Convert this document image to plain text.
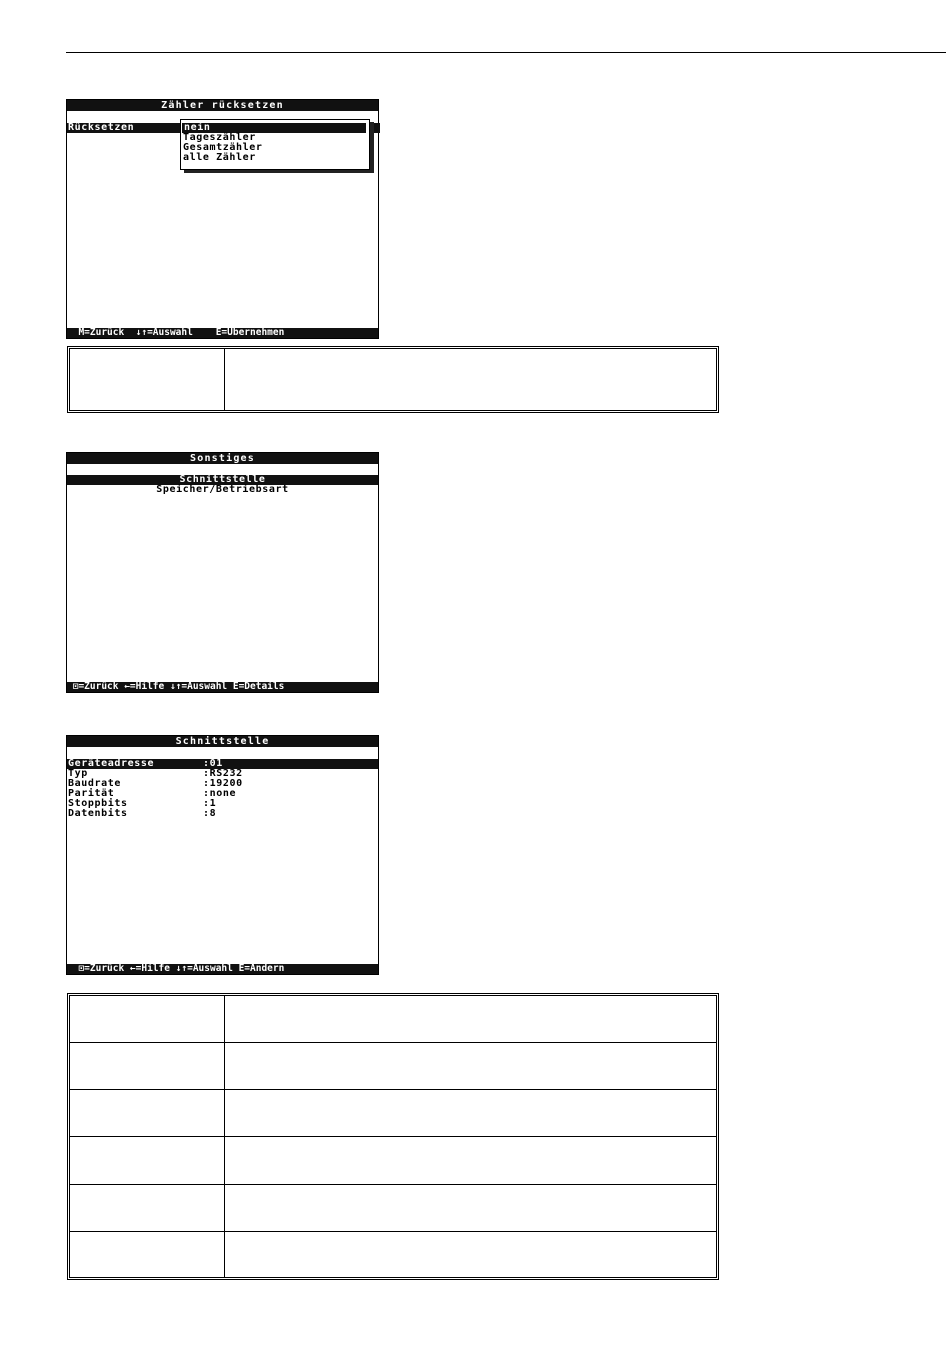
Zähler rücksetzen
Rücksetzen	nein
Tageszähler
Gesamtzähler
alle Zähler
M=Zurück  ↓↑=Auswahl    E=Übernehmen
Sonstiges
Schnittstelle
Speicher/Betriebsart
⊡=Zurück ←=Hilfe ↓↑=Auswahl E=Details
Schnittstelle
Geräteadresse	:01
Typ	:RS232
Baudrate	:19200
Parität	:none
Stoppbits	:1
Datenbits	:8
⊡=Zurück ←=Hilfe ↓↑=Auswahl E=Ändern
